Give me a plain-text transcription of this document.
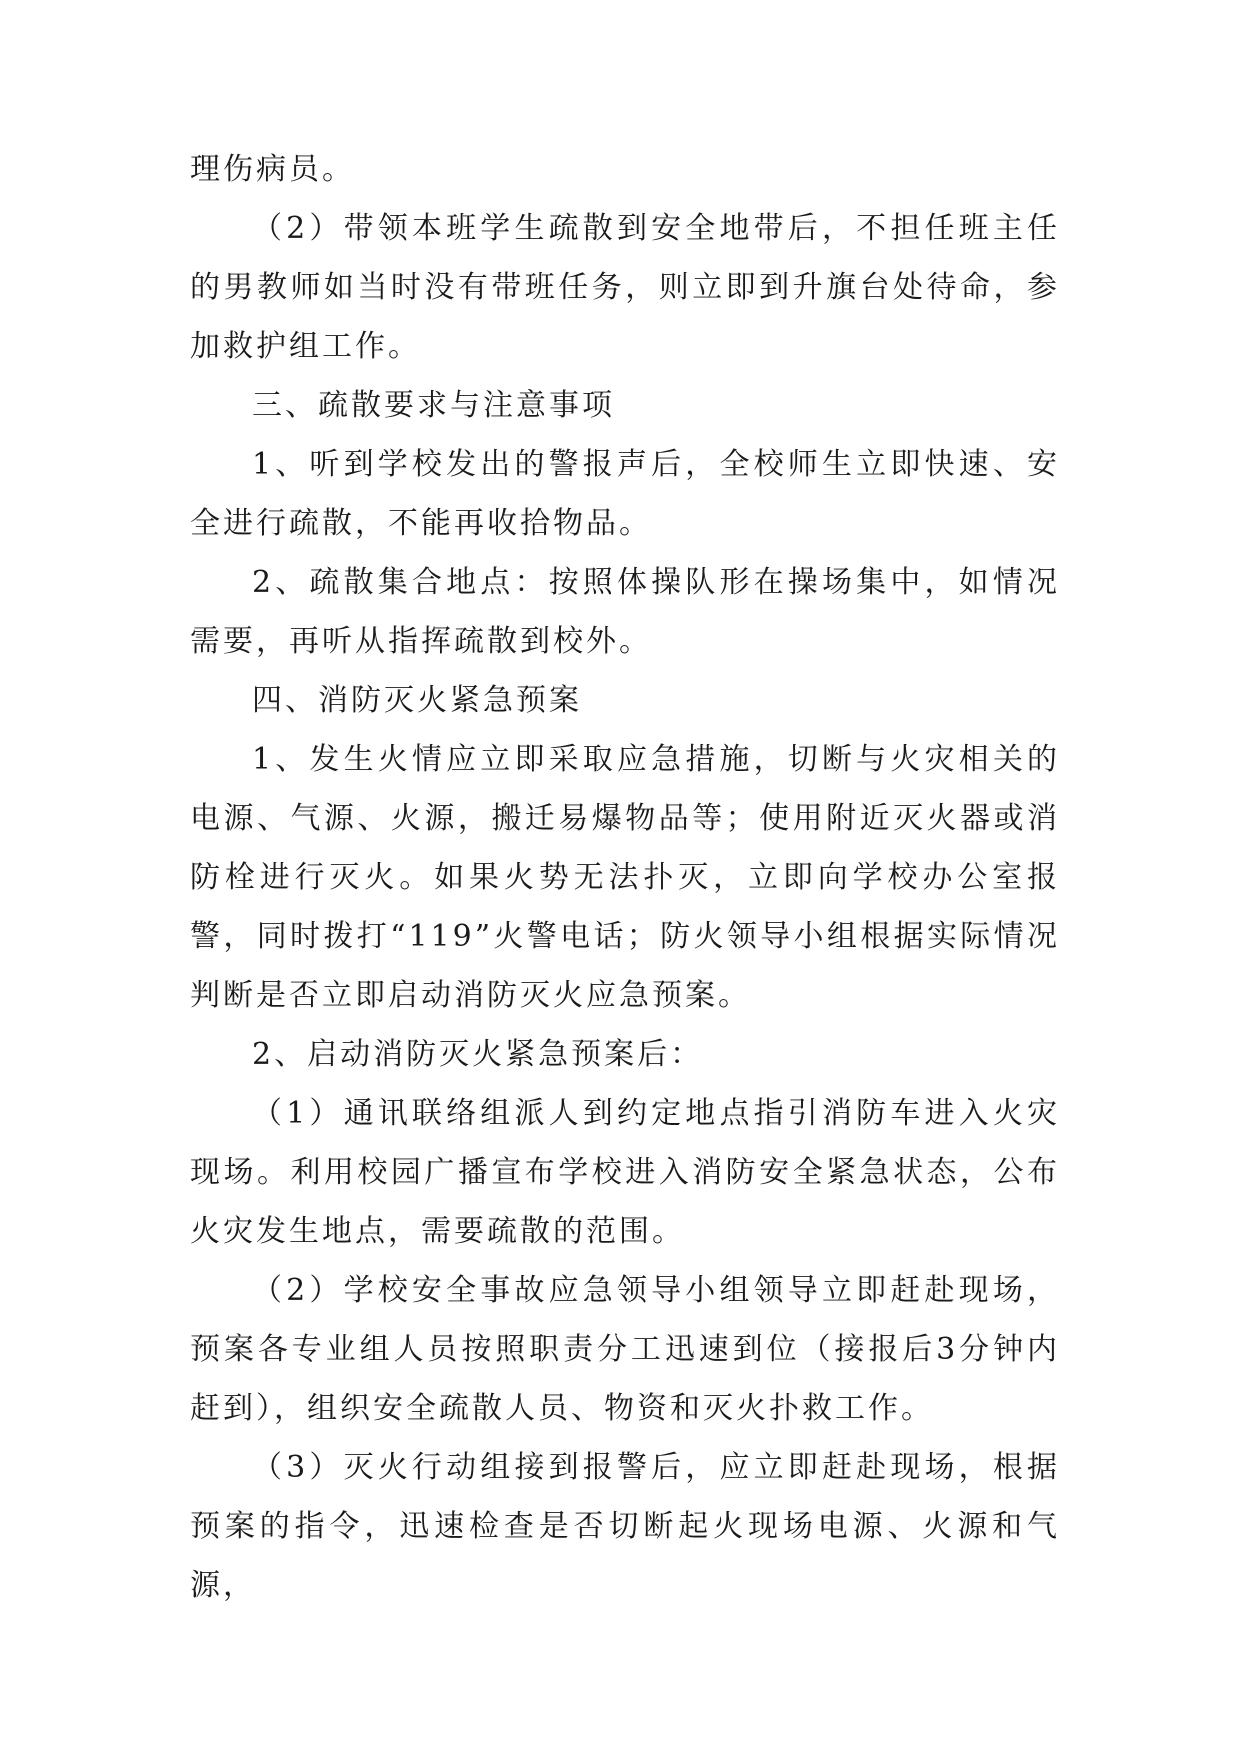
理伤病员。

（2）带领本班学生疏散到安全地带后，不担任班主任的男教师如当时没有带班任务，则立即到升旗台处待命，参加救护组工作。

三、疏散要求与注意事项

1、听到学校发出的警报声后，全校师生立即快速、安全进行疏散，不能再收拾物品。

2、疏散集合地点：按照体操队形在操场集中，如情况需要，再听从指挥疏散到校外。

四、消防灭火紧急预案

1、发生火情应立即采取应急措施，切断与火灾相关的电源、气源、火源，搬迁易爆物品等；使用附近灭火器或消防栓进行灭火。如果火势无法扑灭，立即向学校办公室报警，同时拨打“119”火警电话；防火领导小组根据实际情况判断是否立即启动消防灭火应急预案。

2、启动消防灭火紧急预案后：

（1）通讯联络组派人到约定地点指引消防车进入火灾现场。利用校园广播宣布学校进入消防安全紧急状态，公布火灾发生地点，需要疏散的范围。

（2）学校安全事故应急领导小组领导立即赶赴现场，预案各专业组人员按照职责分工迅速到位（接报后3分钟内赶到），组织安全疏散人员、物资和灭火扑救工作。

（3）灭火行动组接到报警后，应立即赶赴现场，根据预案的指令，迅速检查是否切断起火现场电源、火源和气源，
